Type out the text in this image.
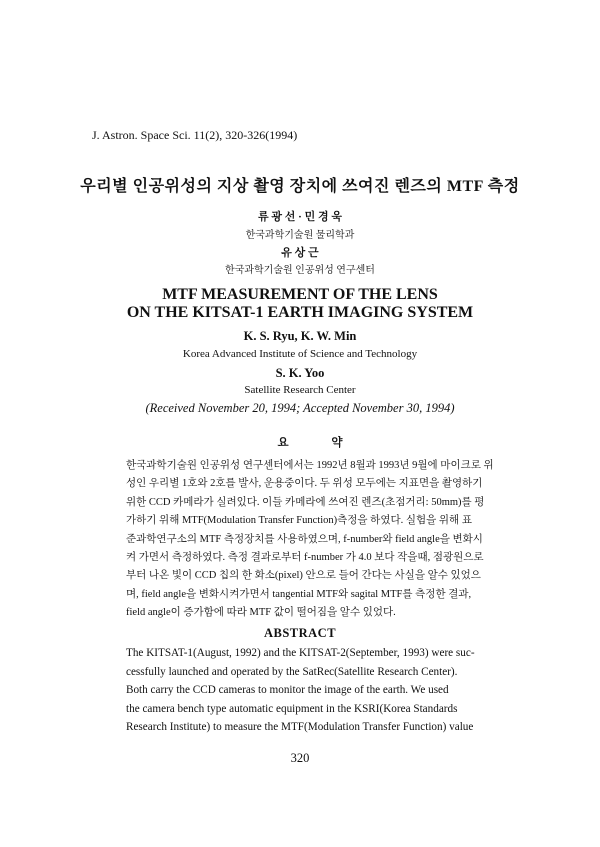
J. Astron. Space Sci. 11(2), 320-326(1994)
우리별 인공위성의 지상 촬영 장치에 쓰여진 렌즈의 MTF 측정
류 광 선 · 민 경 욱
한국과학기술원 물리학과
유 상 근
한국과학기술원 인공위성 연구센터
MTF MEASUREMENT OF THE LENS
ON THE KITSAT-1 EARTH IMAGING SYSTEM
K. S. Ryu, K. W. Min
Korea Advanced Institute of Science and Technology
S. K. Yoo
Satellite Research Center
(Received November 20, 1994; Accepted November 30, 1994)
요 약
한국과학기술원 인공위성 연구센터에서는 1992년 8월과 1993년 9월에 마이크로 위
성인 우리별 1호와 2호를 발사, 운용중이다. 두 위성 모두에는 지표면을 촬영하기
위한 CCD 카메라가 실려있다. 이들 카메라에 쓰여진 렌즈(초점거리: 50mm)를 평
가하기 위해 MTF(Modulation Transfer Function)측정을 하였다. 실험을 위해 표
준과학연구소의 MTF 측정장치를 사용하였으며, f-number와 field angle을 변화시
켜 가면서 측정하였다. 측정 결과로부터 f-number 가 4.0 보다 작을때, 점광원으로
부터 나온 빛이 CCD 칩의 한 화소(pixel) 안으로 들어 간다는 사실을 알수 있었으
며, field angle을 변화시켜가면서 tangential MTF와 sagital MTF를 측정한 결과,
field angle이 증가함에 따라 MTF 값이 떨어짐을 알수 있었다.
ABSTRACT
The KITSAT-1(August, 1992) and the KITSAT-2(September, 1993) were suc-
cessfully launched and operated by the SatRec(Satellite Research Center).
Both carry the CCD cameras to monitor the image of the earth. We used
the camera bench type automatic equipment in the KSRI(Korea Standards
Research Institute) to measure the MTF(Modulation Transfer Function) value
320
